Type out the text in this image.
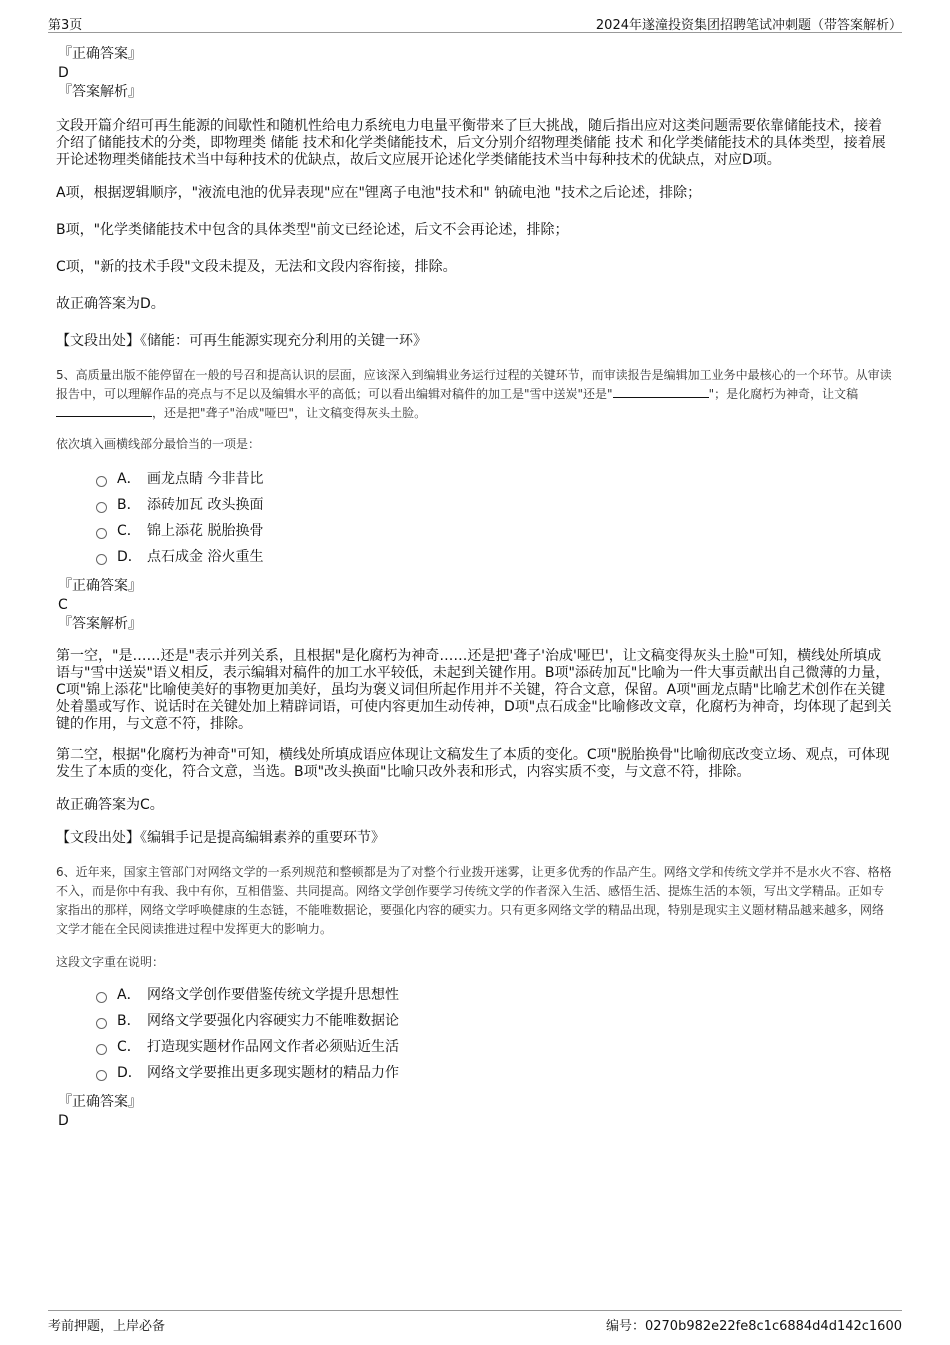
第3页	2024年遂潼投资集团招聘笔试冲刺题（带答案解析）
『正确答案』
D
『答案解析』

文段开篇介绍可再生能源的间歇性和随机性给电力系统电力电量平衡带来了巨大挑战，随后指出应对这类问题需要依靠储能技术，接着介绍了储能技术的分类，即物理类 储能 技术和化学类储能技术，后文分别介绍物理类储能 技术 和化学类储能技术的具体类型，接着展开论述物理类储能技术当中每种技术的优缺点，故后文应展开论述化学类储能技术当中每种技术的优缺点，对应D项。

A项，根据逻辑顺序，"液流电池的优异表现"应在"锂离子电池"技术和" 钠硫电池 "技术之后论述，排除；

B项，"化学类储能技术中包含的具体类型"前文已经论述，后文不会再论述，排除；

C项，"新的技术手段"文段未提及，无法和文段内容衔接，排除。

故正确答案为D。

【文段出处】《储能：可再生能源实现充分利用的关键一环》

5、高质量出版不能停留在一般的号召和提高认识的层面，应该深入到编辑业务运行过程的关键环节，而审读报告是编辑加工业务中最核心的一个环节。从审读报告中，可以理解作品的亮点与不足以及编辑水平的高低；可以看出编辑对稿件的加工是"雪中送炭"还是"	"；是化腐朽为神奇，让文稿，还是把"聋子"治成"哑巴"，让文稿变得灰头土脸。

依次填入画横线部分最恰当的一项是：

A． 画龙点睛 今非昔比
B． 添砖加瓦 改头换面
C． 锦上添花 脱胎换骨
D． 点石成金 浴火重生
『正确答案』
C
『答案解析』

第一空，"是……还是"表示并列关系，且根据"是化腐朽为神奇……还是把'聋子'治成'哑巴'，让文稿变得灰头土脸"可知，横线处所填成语与"雪中送炭"语义相反，表示编辑对稿件的加工水平较低，未起到关键作用。B项"添砖加瓦"比喻为一件大事贡献出自己微薄的力量，C项"锦上添花"比喻使美好的事物更加美好，虽均为褒义词但所起作用并不关键，符合文意，保留。A项"画龙点睛"比喻艺术创作在关键处着墨或写作、说话时在关键处加上精辟词语，可使内容更加生动传神，D项"点石成金"比喻修改文章，化腐朽为神奇，均体现了起到关键的作用，与文意不符，排除。

第二空，根据"化腐朽为神奇"可知，横线处所填成语应体现让文稿发生了本质的变化。C项"脱胎换骨"比喻彻底改变立场、观点，可体现发生了本质的变化，符合文意，当选。B项"改头换面"比喻只改外表和形式，内容实质不变，与文意不符，排除。

故正确答案为C。

【文段出处】《编辑手记是提高编辑素养的重要环节》

6、近年来，国家主管部门对网络文学的一系列规范和整顿都是为了对整个行业拨开迷雾，让更多优秀的作品产生。网络文学和传统文学并不是水火不容、格格不入，而是你中有我、我中有你，互相借鉴、共同提高。网络文学创作要学习传统文学的作者深入生活、感悟生活、提炼生活的本领，写出文学精品。正如专家指出的那样，网络文学呼唤健康的生态链，不能唯数据论，要强化内容的硬实力。只有更多网络文学的精品出现，特别是现实主义题材精品越来越多，网络文学才能在全民阅读推进过程中发挥更大的影响力。

这段文字重在说明：

A． 网络文学创作要借鉴传统文学提升思想性
B． 网络文学要强化内容硬实力不能唯数据论
C． 打造现实题材作品网文作者必须贴近生活
D． 网络文学要推出更多现实题材的精品力作
『正确答案』
D
考前押题，上岸必备	编号：0270b982e22fe8c1c6884d4d142c1600
